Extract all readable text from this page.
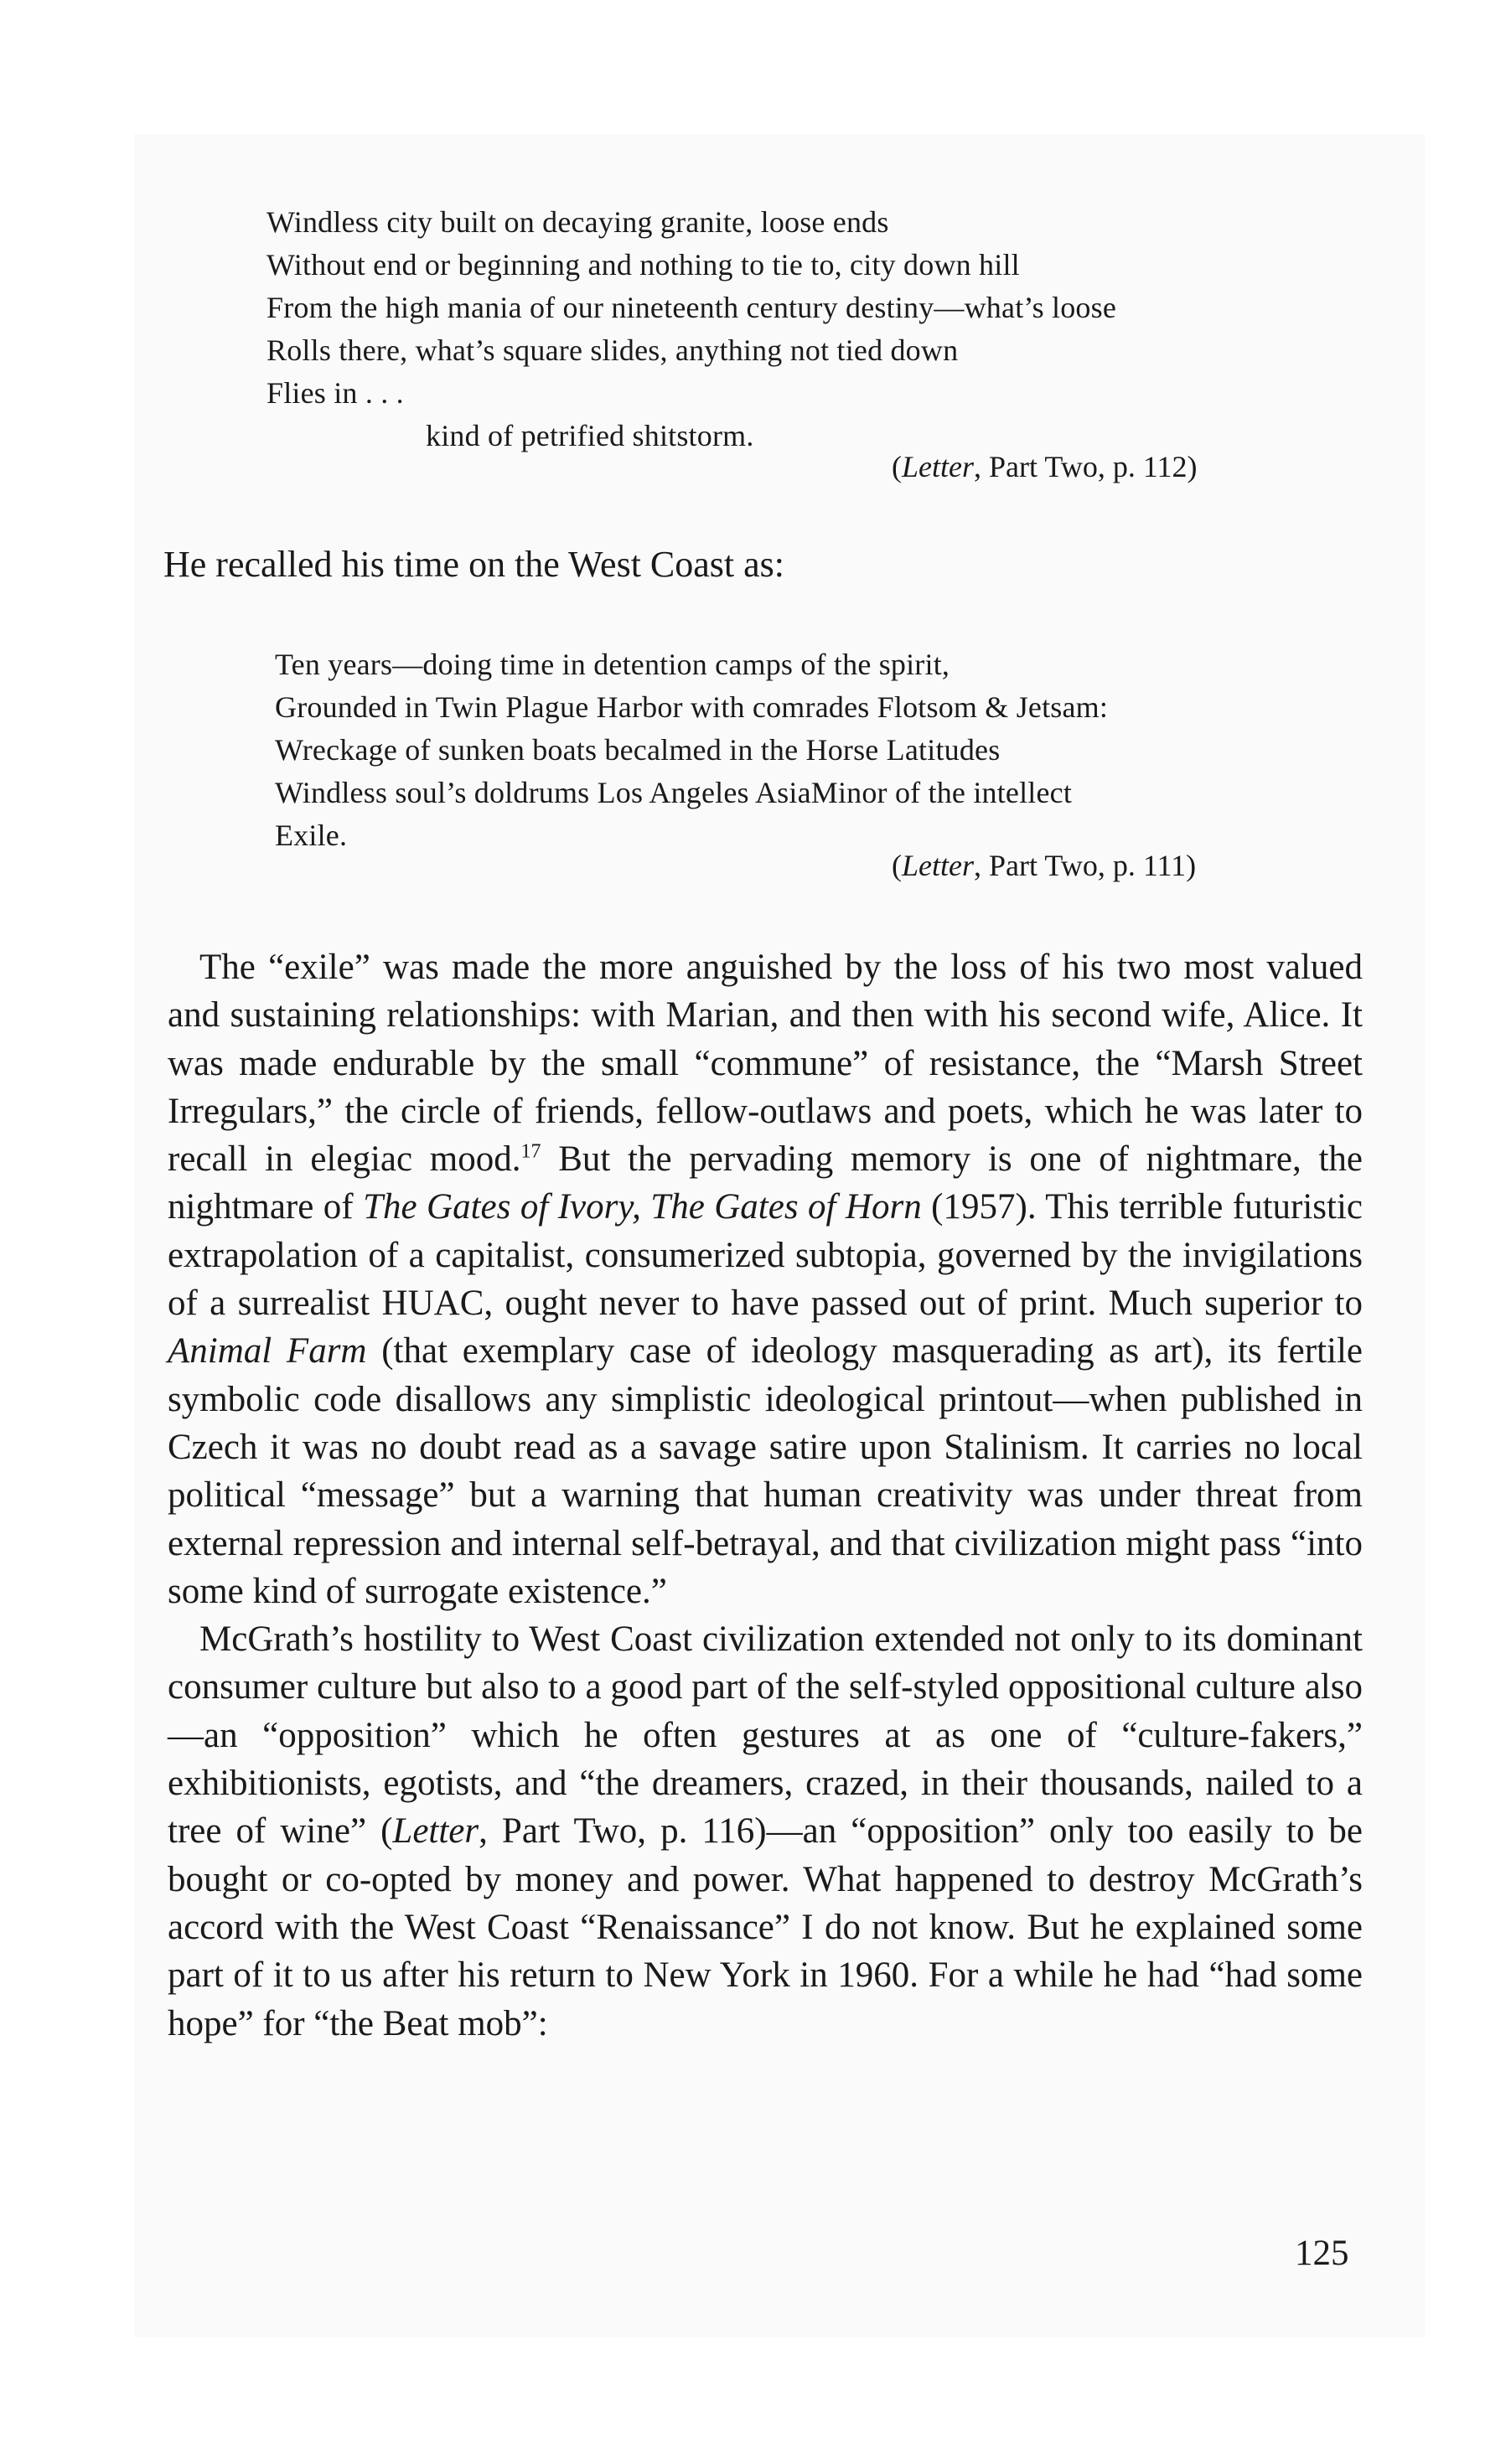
Windless city built on decaying granite, loose ends
Without end or beginning and nothing to tie to, city down hill
From the high mania of our nineteenth century destiny—what’s loose
Rolls there, what’s square slides, anything not tied down
Flies in . . .
kind of petrified shitstorm.
(Letter, Part Two, p. 112)
He recalled his time on the West Coast as:
Ten years—doing time in detention camps of the spirit,
Grounded in Twin Plague Harbor with comrades Flotsom & Jetsam:
Wreckage of sunken boats becalmed in the Horse Latitudes
Windless soul’s doldrums Los Angeles AsiaMinor of the intellect
Exile.
(Letter, Part Two, p. 111)

The “exile” was made the more anguished by the loss of his two most valued and sustaining relationships: with Marian, and then with his second wife, Alice. It was made endurable by the small “commune” of resistance, the “Marsh Street Irregulars,” the circle of friends, fellow-outlaws and poets, which he was later to recall in elegiac mood.$^{17}$ But the pervading memory is one of nightmare, the nightmare of The Gates of Ivory, The Gates of Horn (1957). This terrible futuristic extrapolation of a capitalist, consumerized subtopia, governed by the invigilations of a surrealist HUAC, ought never to have passed out of print. Much superior to Animal Farm (that exemplary case of ideology masquerading as art), its fertile symbolic code disallows any simplistic ideological printout—when published in Czech it was no doubt read as a savage satire upon Stalinism. It carries no local political “message” but a warning that human creativity was under threat from external repression and internal self-betrayal, and that civilization might pass “into some kind of surrogate existence.”

McGrath’s hostility to West Coast civilization extended not only to its dominant consumer culture but also to a good part of the self-styled oppositional culture also—an “opposition” which he often gestures at as one of “culture-fakers,” exhibitionists, egotists, and “the dreamers, crazed, in their thousands, nailed to a tree of wine” (Letter, Part Two, p. 116)—an “opposition” only too easily to be bought or co-opted by money and power. What happened to destroy McGrath’s accord with the West Coast “Renaissance” I do not know. But he explained some part of it to us after his return to New York in 1960. For a while he had “had some hope” for “the Beat mob”:

125
